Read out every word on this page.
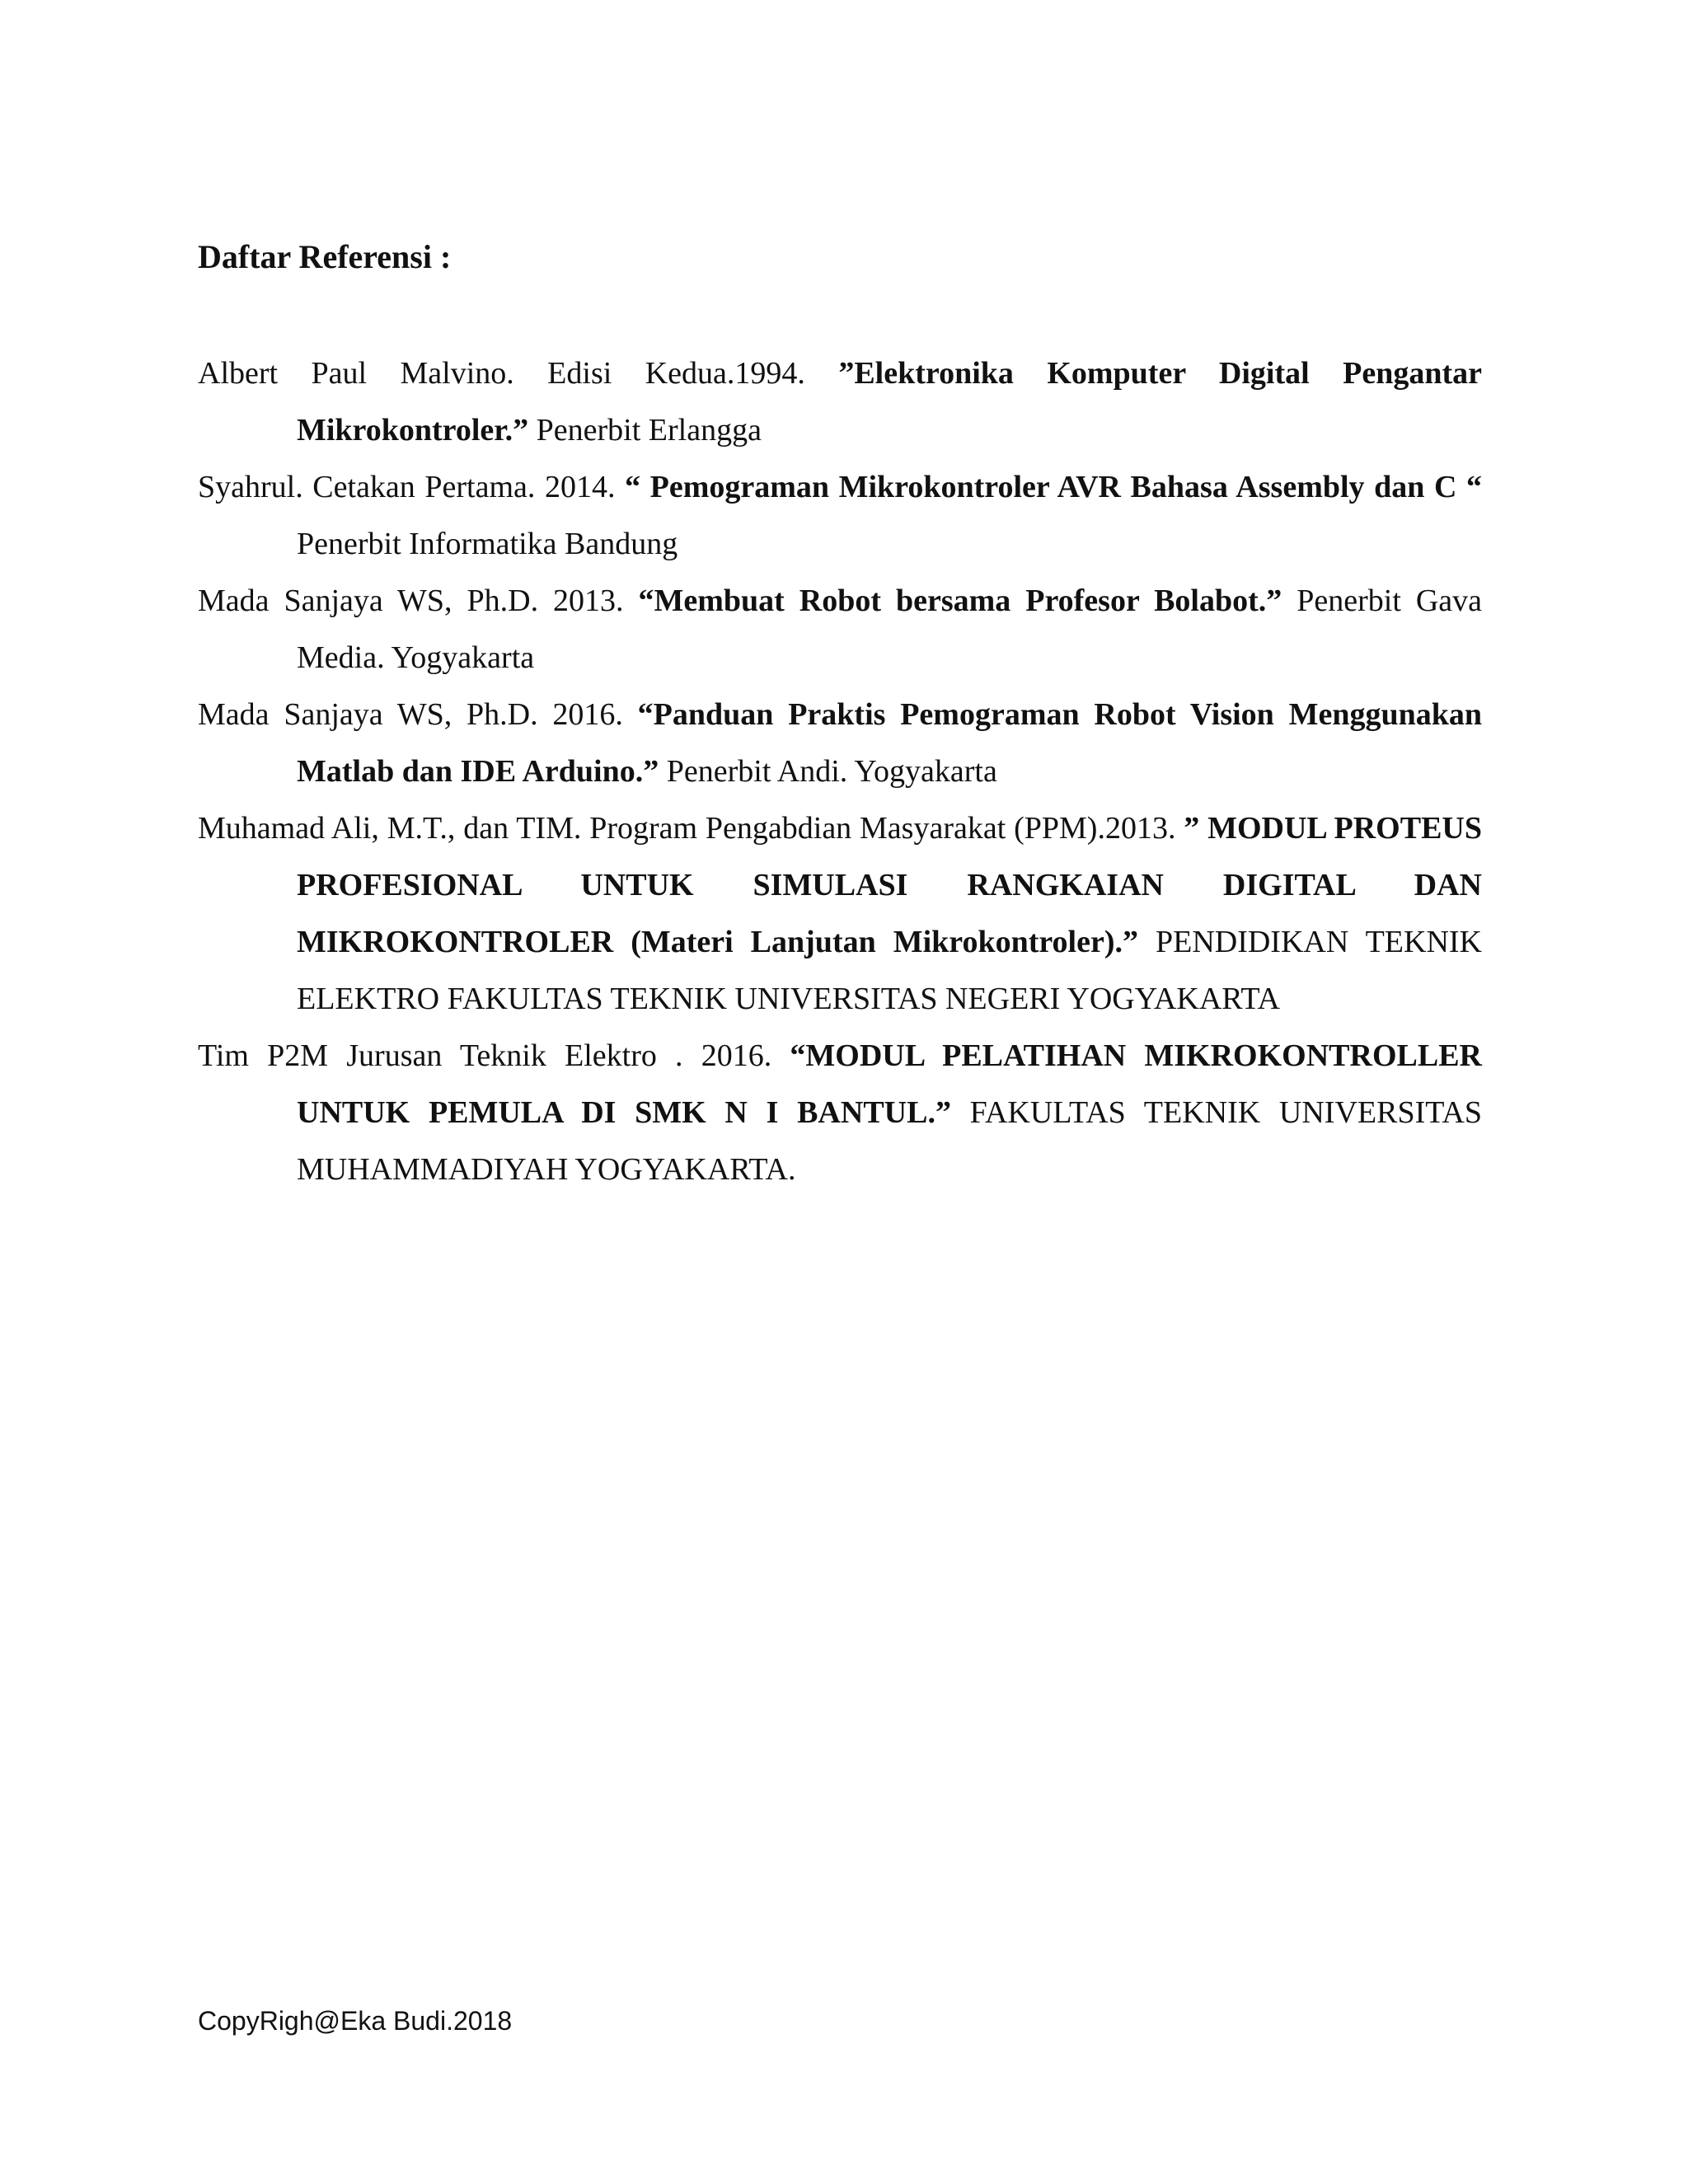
Daftar Referensi :
Albert Paul Malvino. Edisi Kedua.1994. ”Elektronika Komputer Digital Pengantar Mikrokontroler.” Penerbit Erlangga
Syahrul. Cetakan Pertama. 2014. “ Pemograman Mikrokontroler AVR Bahasa Assembly dan C “ Penerbit Informatika Bandung
Mada Sanjaya WS, Ph.D. 2013. “Membuat Robot bersama Profesor Bolabot.” Penerbit Gava Media. Yogyakarta
Mada Sanjaya WS, Ph.D. 2016. “Panduan Praktis Pemograman Robot Vision Menggunakan Matlab dan IDE Arduino.” Penerbit Andi. Yogyakarta
Muhamad Ali, M.T., dan TIM. Program Pengabdian Masyarakat (PPM).2013. ” MODUL PROTEUS PROFESIONAL UNTUK SIMULASI RANGKAIAN DIGITAL DAN MIKROKONTROLER (Materi Lanjutan Mikrokontroler).” PENDIDIKAN TEKNIK ELEKTRO FAKULTAS TEKNIK UNIVERSITAS NEGERI YOGYAKARTA
Tim P2M Jurusan Teknik Elektro . 2016. “MODUL PELATIHAN MIKROKONTROLLER UNTUK PEMULA DI SMK N I BANTUL.” FAKULTAS TEKNIK UNIVERSITAS MUHAMMADIYAH YOGYAKARTA.

CopyRigh@Eka Budi.2018
